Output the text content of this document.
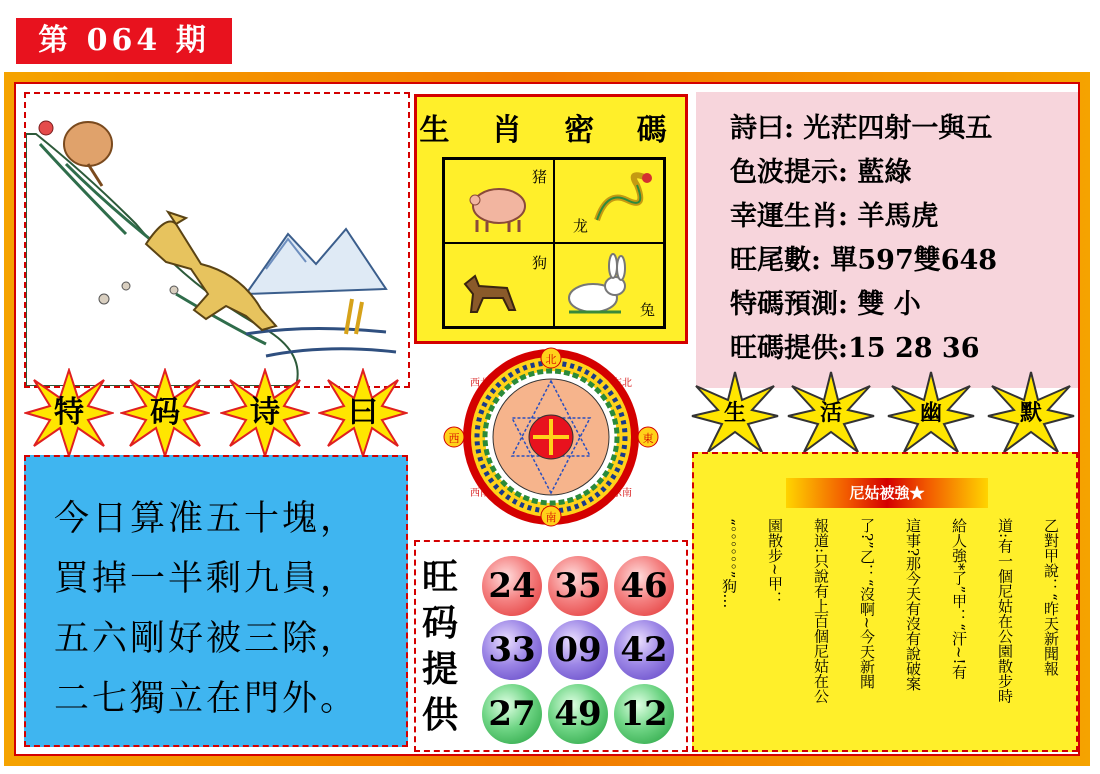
第 064 期
生 肖 密 碼
猪
龙
狗
兔
詩曰: 光茫四射一與五
色波提示: 藍綠
幸運生肖: 羊馬虎
旺尾數: 單597雙648
特碼預測: 雙 小
旺碼提供:15 28 36
特	码	诗	曰	生	活	幽	默
今日算准五十塊，
買掉一半剩九員，
五六剛好被三除，
二七獨立在門外。
北
東
西
南
西北	东北
东南
西南
旺码提供
24 35 46
33 09 42
27 49 12
尼姑被強★
乙對甲說：“昨天新聞報
道:有一個尼姑在公園散步時
給人強*了”甲：“汗~!有
這事?那今天有沒有說破案
了?”乙：“沒啊~今天新聞
報道:只說有上百個尼姑在公
園散步~甲：
“。。。。。。”狗…
